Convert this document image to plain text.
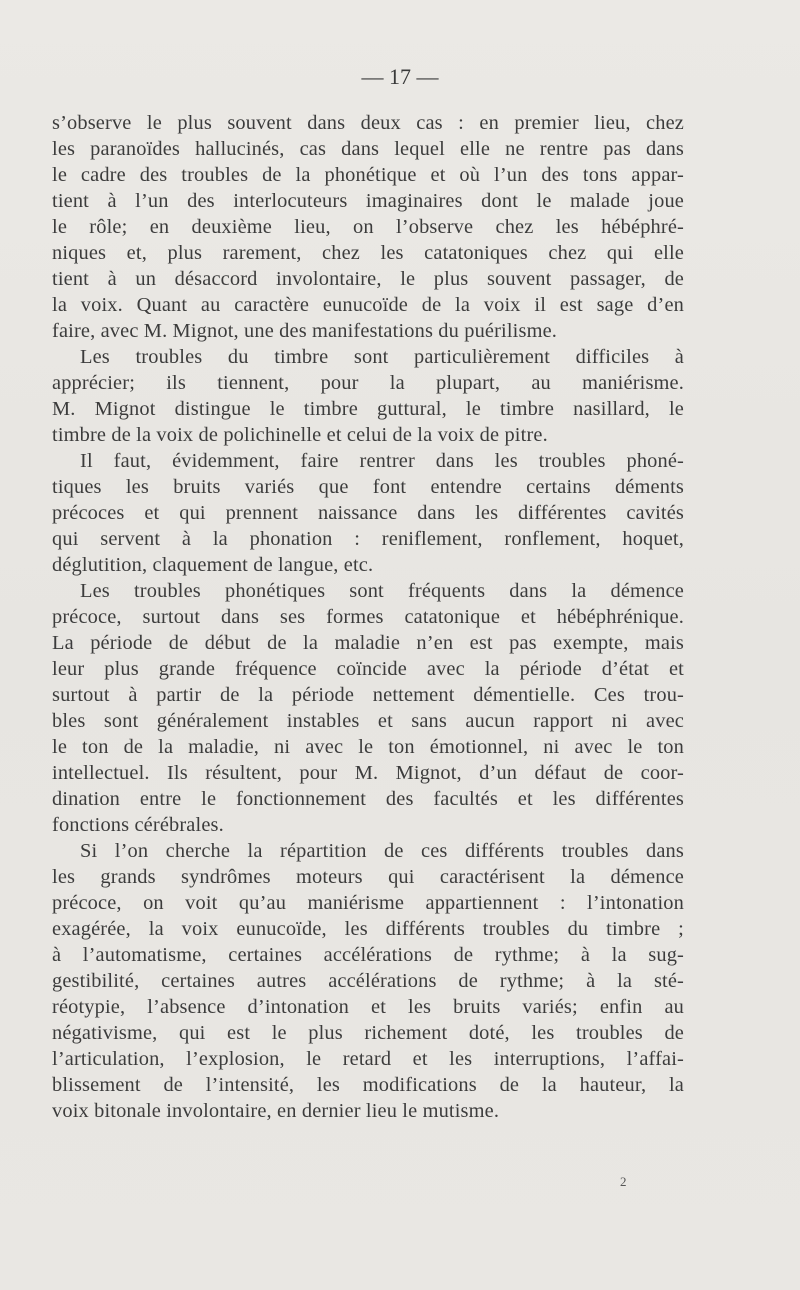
— 17 —
s’observe le plus souvent dans deux cas : en premier lieu, chez
les paranoïdes hallucinés, cas dans lequel elle ne rentre pas dans
le cadre des troubles de la phonétique et où l’un des tons appar-
tient à l’un des interlocuteurs imaginaires dont le malade joue
le rôle; en deuxième lieu, on l’observe chez les hébéphré-
niques et, plus rarement, chez les catatoniques chez qui elle
tient à un désaccord involontaire, le plus souvent passager, de
la voix. Quant au caractère eunucoïde de la voix il est sage d’en
faire, avec M. Mignot, une des manifestations du puérilisme.
Les troubles du timbre sont particulièrement difficiles à
apprécier; ils tiennent, pour la plupart, au maniérisme.
M. Mignot distingue le timbre guttural, le timbre nasillard, le
timbre de la voix de polichinelle et celui de la voix de pitre.
Il faut, évidemment, faire rentrer dans les troubles phoné-
tiques les bruits variés que font entendre certains déments
précoces et qui prennent naissance dans les différentes cavités
qui servent à la phonation : reniflement, ronflement, hoquet,
déglutition, claquement de langue, etc.
Les troubles phonétiques sont fréquents dans la démence
précoce, surtout dans ses formes catatonique et hébéphrénique.
La période de début de la maladie n’en est pas exempte, mais
leur plus grande fréquence coïncide avec la période d’état et
surtout à partir de la période nettement démentielle. Ces trou-
bles sont généralement instables et sans aucun rapport ni avec
le ton de la maladie, ni avec le ton émotionnel, ni avec le ton
intellectuel. Ils résultent, pour M. Mignot, d’un défaut de coor-
dination entre le fonctionnement des facultés et les différentes
fonctions cérébrales.
Si l’on cherche la répartition de ces différents troubles dans
les grands syndrômes moteurs qui caractérisent la démence
précoce, on voit qu’au maniérisme appartiennent : l’intonation
exagérée, la voix eunucoïde, les différents troubles du timbre ;
à l’automatisme, certaines accélérations de rythme; à la sug-
gestibilité, certaines autres accélérations de rythme; à la sté-
réotypie, l’absence d’intonation et les bruits variés; enfin au
négativisme, qui est le plus richement doté, les troubles de
l’articulation, l’explosion, le retard et les interruptions, l’affai-
blissement de l’intensité, les modifications de la hauteur, la
voix bitonale involontaire, en dernier lieu le mutisme.
2
